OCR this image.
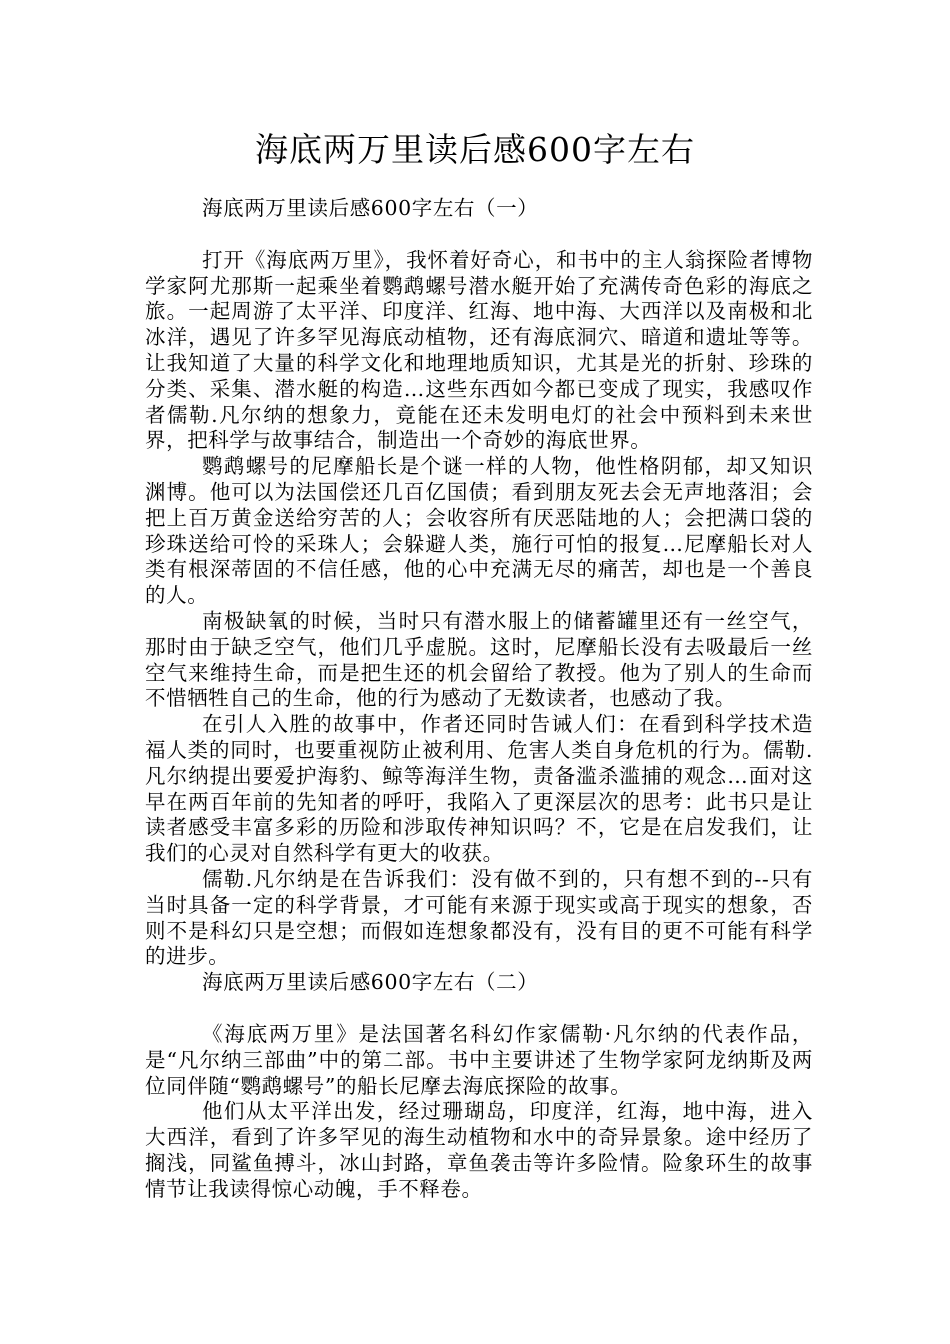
海底两万里读后感600字左右

海底两万里读后感600字左右（一）

打开《海底两万里》，我怀着好奇心，和书中的主人翁探险者博物学家阿尤那斯一起乘坐着鹦鹉螺号潜水艇开始了充满传奇色彩的海底之旅。一起周游了太平洋、印度洋、红海、地中海、大西洋以及南极和北冰洋，遇见了许多罕见海底动植物，还有海底洞穴、暗道和遗址等等。让我知道了大量的科学文化和地理地质知识，尤其是光的折射、珍珠的分类、采集、潜水艇的构造…这些东西如今都已变成了现实，我感叹作者儒勒.凡尔纳的想象力，竟能在还未发明电灯的社会中预料到未来世界，把科学与故事结合，制造出一个奇妙的海底世界。

鹦鹉螺号的尼摩船长是个谜一样的人物，他性格阴郁，却又知识渊博。他可以为法国偿还几百亿国债；看到朋友死去会无声地落泪；会把上百万黄金送给穷苦的人；会收容所有厌恶陆地的人；会把满口袋的珍珠送给可怜的采珠人；会躲避人类，施行可怕的报复…尼摩船长对人类有根深蒂固的不信任感，他的心中充满无尽的痛苦，却也是一个善良的人。

南极缺氧的时候，当时只有潜水服上的储蓄罐里还有一丝空气，那时由于缺乏空气，他们几乎虚脱。这时，尼摩船长没有去吸最后一丝空气来维持生命，而是把生还的机会留给了教授。他为了别人的生命而不惜牺牲自己的生命，他的行为感动了无数读者，也感动了我。

在引人入胜的故事中，作者还同时告诫人们：在看到科学技术造福人类的同时，也要重视防止被利用、危害人类自身危机的行为。儒勒.凡尔纳提出要爱护海豹、鲸等海洋生物，责备滥杀滥捕的观念…面对这早在两百年前的先知者的呼吁，我陷入了更深层次的思考：此书只是让读者感受丰富多彩的历险和涉取传神知识吗？不，它是在启发我们，让我们的心灵对自然科学有更大的收获。

儒勒.凡尔纳是在告诉我们：没有做不到的，只有想不到的--只有当时具备一定的科学背景，才可能有来源于现实或高于现实的想象，否则不是科幻只是空想；而假如连想象都没有，没有目的更不可能有科学的进步。

海底两万里读后感600字左右（二）

《海底两万里》是法国著名科幻作家儒勒·凡尔纳的代表作品，是“凡尔纳三部曲”中的第二部。书中主要讲述了生物学家阿龙纳斯及两位同伴随“鹦鹉螺号”的船长尼摩去海底探险的故事。

他们从太平洋出发，经过珊瑚岛，印度洋，红海，地中海，进入大西洋，看到了许多罕见的海生动植物和水中的奇异景象。途中经历了搁浅，同鲨鱼搏斗，冰山封路，章鱼袭击等许多险情。险象环生的故事情节让我读得惊心动魄，手不释卷。
